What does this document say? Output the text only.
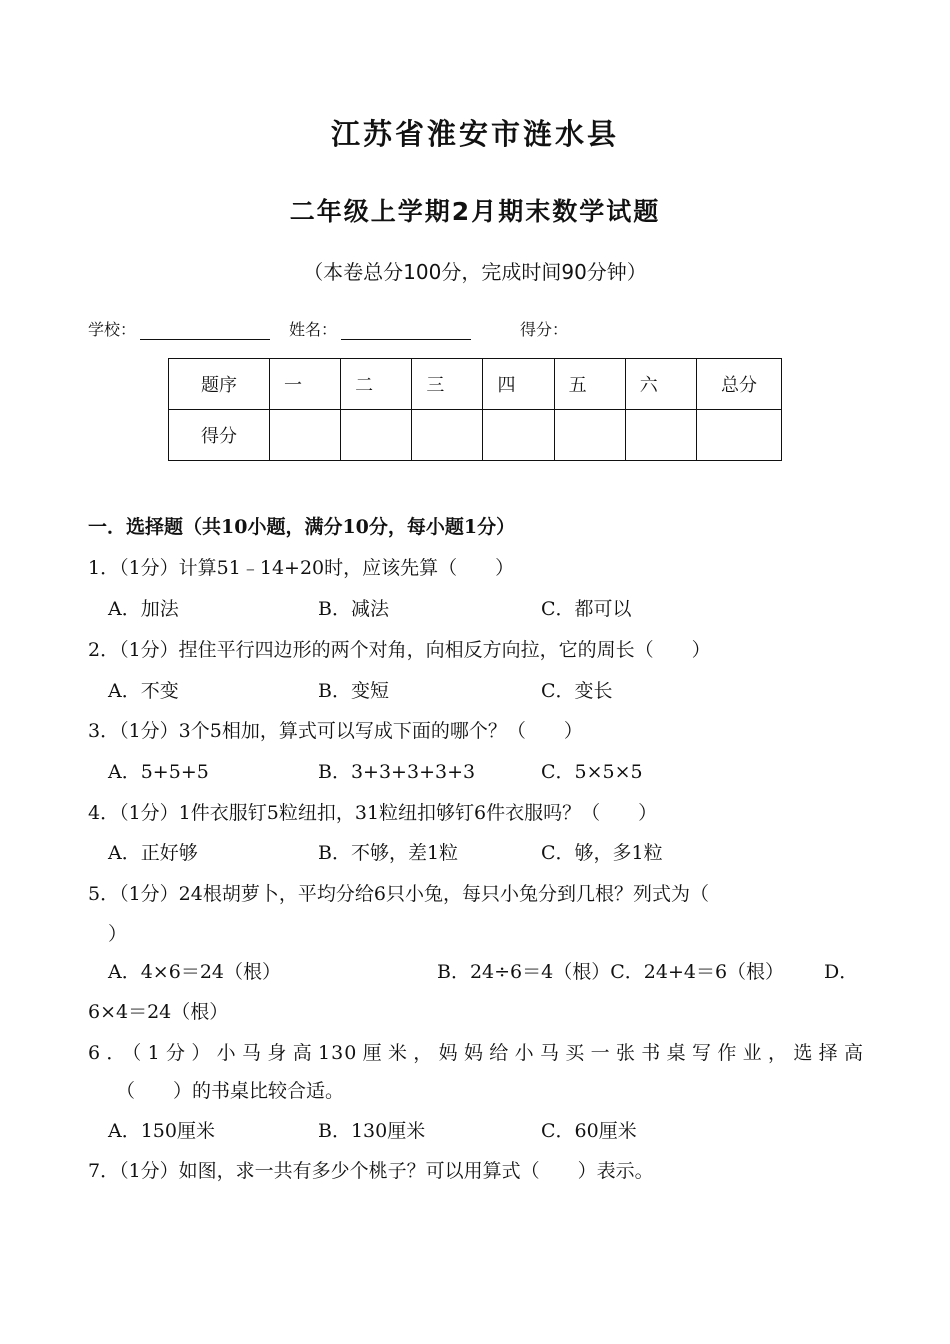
江苏省淮安市涟水县
二年级上学期2月期末数学试题
（本卷总分100分，完成时间90分钟）
学校：	姓名：	得分：
题序	一	二	三	四	五	六	总分
得分							
一．选择题（共10小题，满分10分，每小题1分）
1．（1分）计算51﹣14+20时，应该先算（　　）
A．加法	B．减法	C．都可以
2．（1分）捏住平行四边形的两个对角，向相反方向拉，它的周长（　　）
A．不变	B．变短	C．变长
3．（1分）3个5相加，算式可以写成下面的哪个？（　　）
A．5+5+5	B．3+3+3+3+3	C．5×5×5
4．（1分）1件衣服钉5粒纽扣，31粒纽扣够钉6件衣服吗？（　　）
A．正好够	B．不够，差1粒	C．够，多1粒
5．（1分）24根胡萝卜，平均分给6只小兔，每只小兔分到几根？列式为（
）
A．4×6＝24（根）	B．24÷6＝4（根）C．24+4＝6（根） D．
6×4＝24（根）
6．（1分）小马身高130厘米，妈妈给小马买一张书桌写作业，选择高
（　　）的书桌比较合适。
A．150厘米	B．130厘米	C．60厘米
7．（1分）如图，求一共有多少个桃子？可以用算式（　　）表示。
